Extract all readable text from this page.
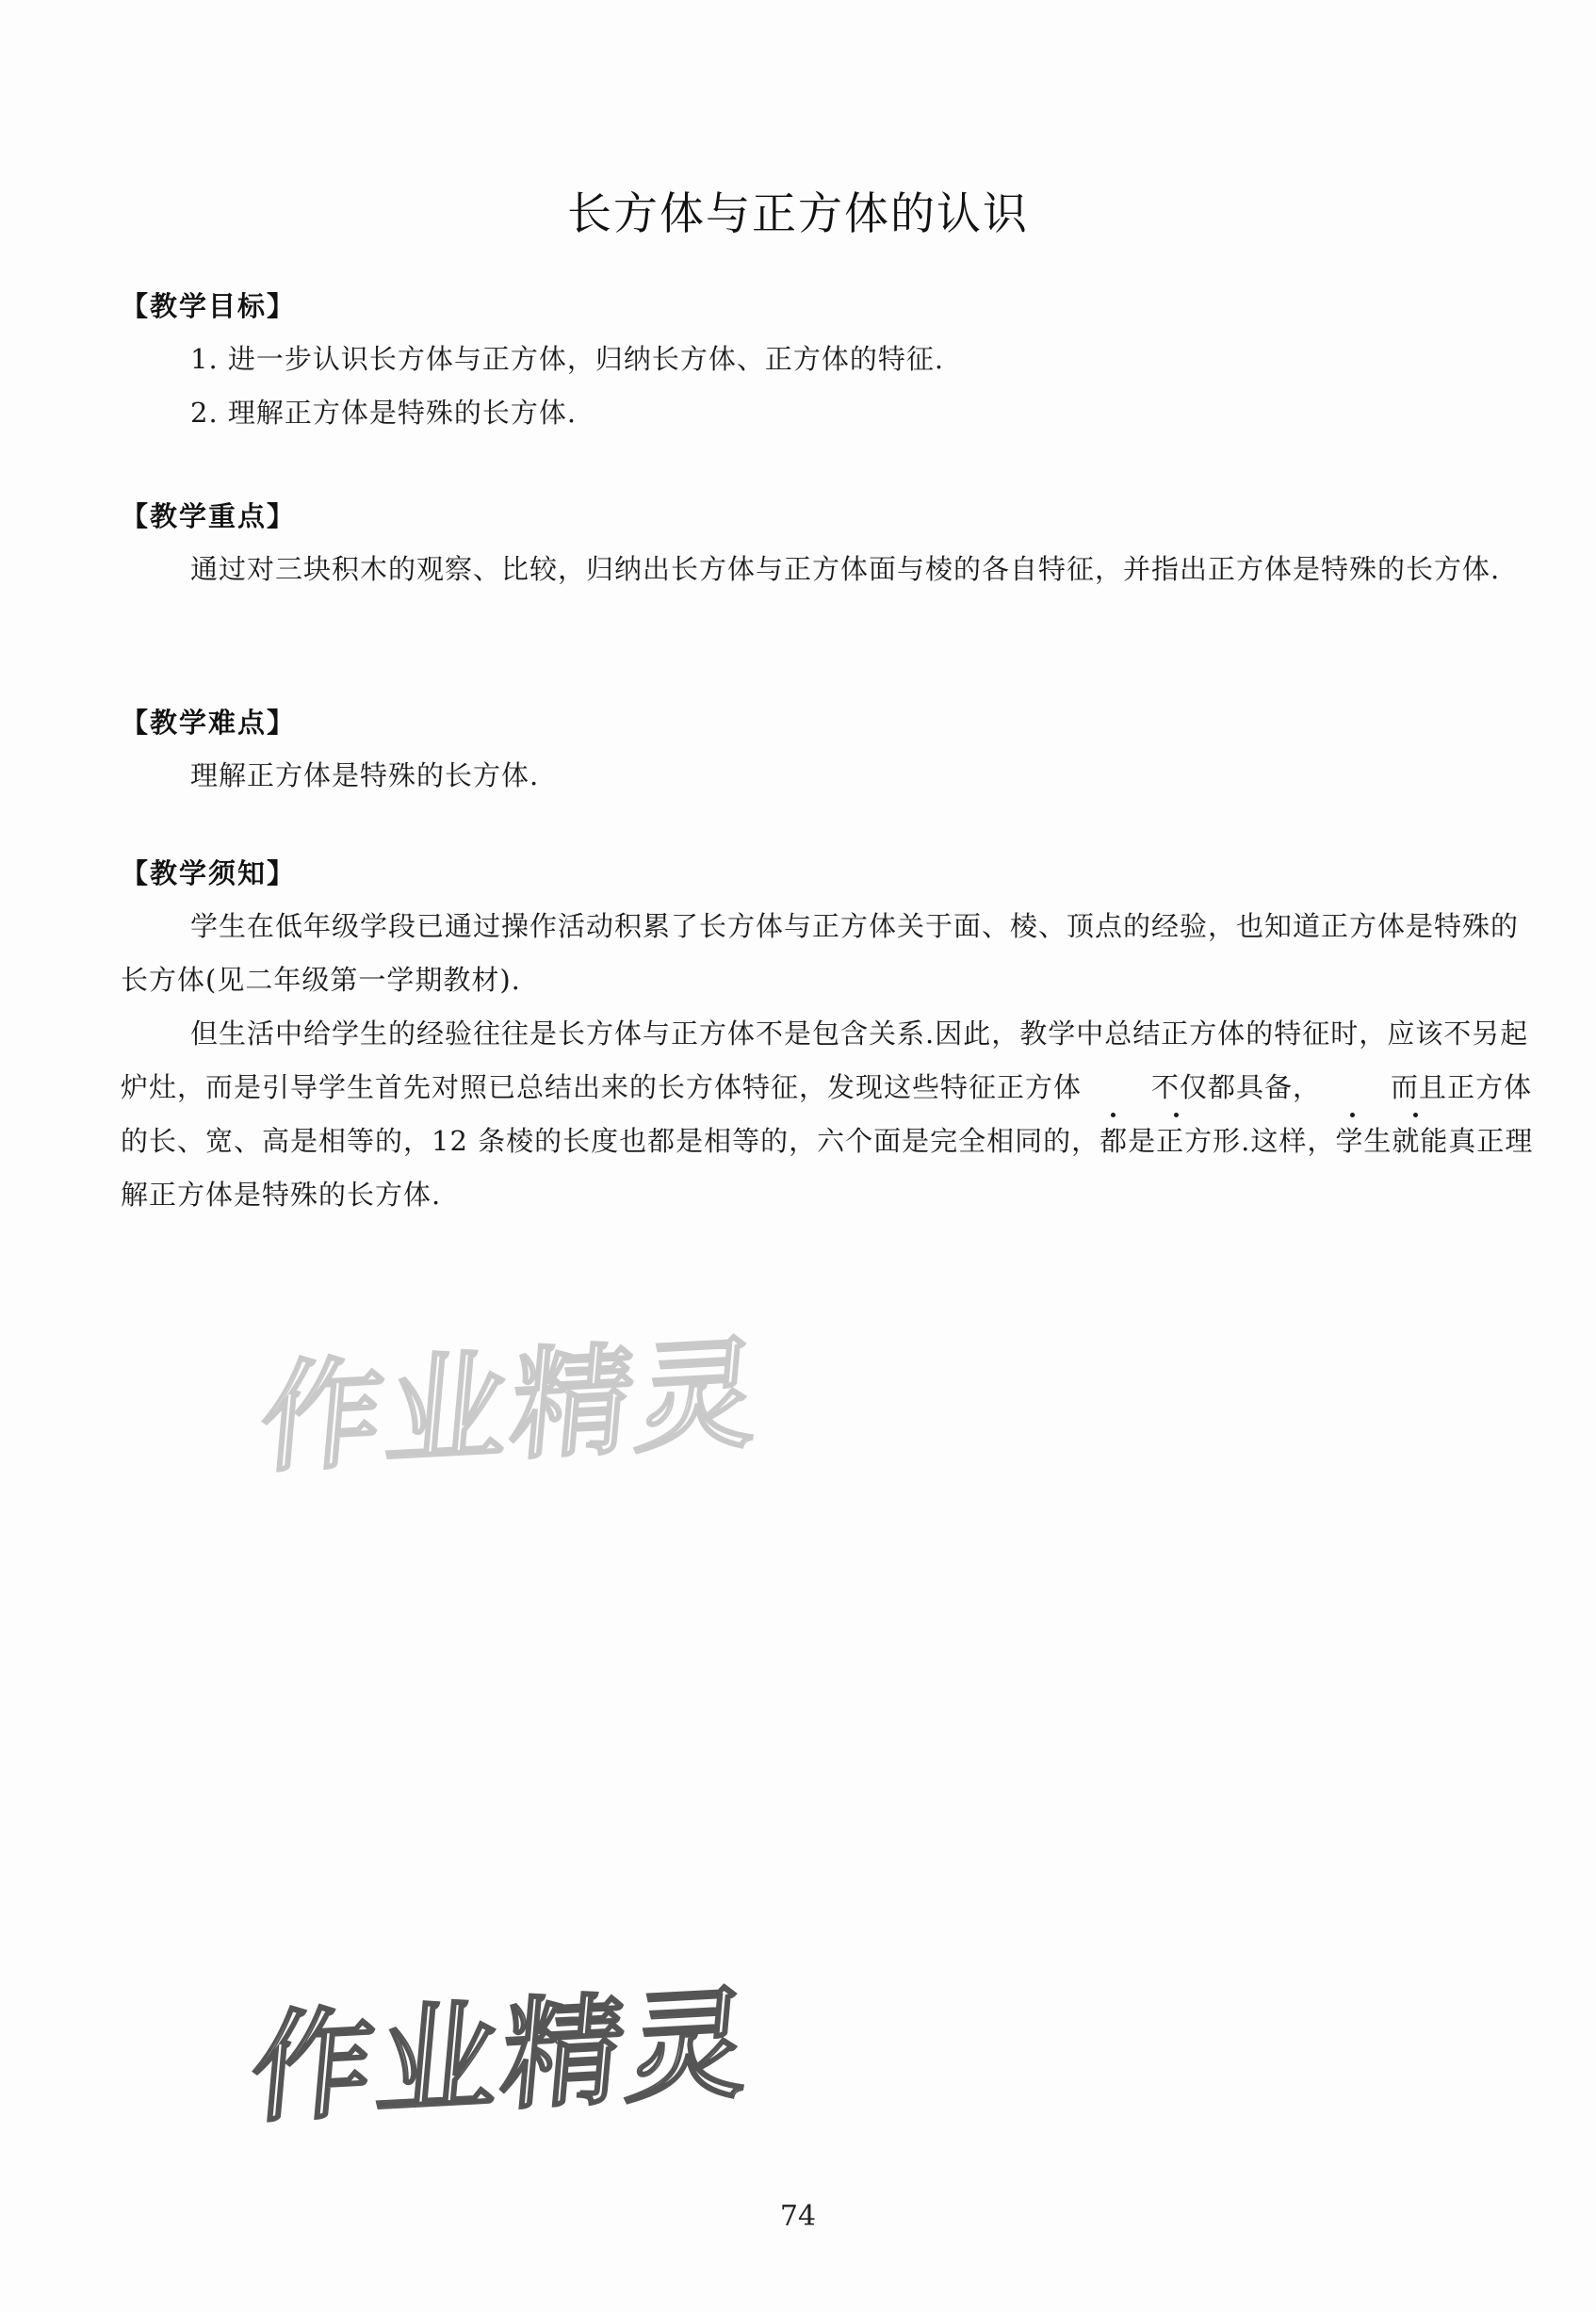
长方体与正方体的认识

【教学目标】

1. 进一步认识长方体与正方体，归纳长方体、正方体的特征.

2. 理解正方体是特殊的长方体.

【教学重点】

通过对三块积木的观察、比较，归纳出长方体与正方体面与棱的各自特征，并指出正方体是特殊的长方体.

【教学难点】

理解正方体是特殊的长方体.

【教学须知】

学生在低年级学段已通过操作活动积累了长方体与正方体关于面、棱、顶点的经验，也知道正方体是特殊的长方体(见二年级第一学期教材).

但生活中给学生的经验往往是长方体与正方体不是包含关系.因此，教学中总结正方体的特征时，应该不另起炉灶，而是引导学生首先对照已总结出来的长方体特征，发现这些特征正方体	不仅
都具备，	而且
正方体的长、宽、高是相等的，12 条棱的长度也都是相等的，六个面是完全相同的，都是正方形.这样，学生就能真正理解正方体是特殊的长方体.

作业精灵
作业精灵
74
